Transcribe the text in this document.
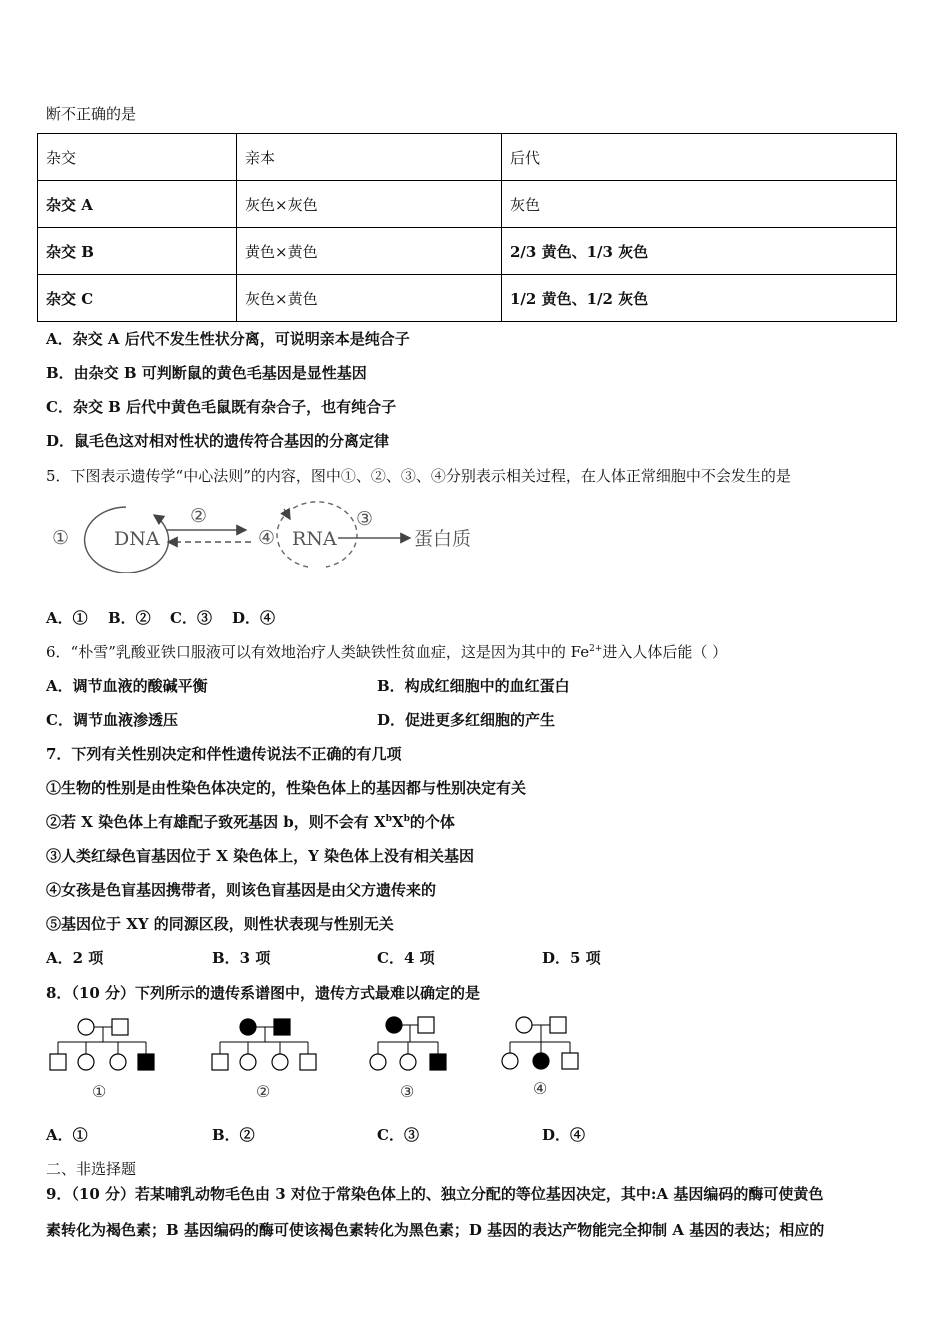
断不正确的是
杂交	亲本	后代
杂交 A	灰色×灰色	灰色
杂交 B	黄色×黄色	2/3 黄色、1/3 灰色
杂交 C	灰色×黄色	1/2 黄色、1/2 灰色
A．杂交 A 后代不发生性状分离，可说明亲本是纯合子
B．由杂交 B 可判断鼠的黄色毛基因是显性基因
C．杂交 B 后代中黄色毛鼠既有杂合子，也有纯合子
D．鼠毛色这对相对性状的遗传符合基因的分离定律
5．下图表示遗传学“中心法则”的内容，图中①、②、③、④分别表示相关过程，在人体正常细胞中不会发生的是
① DNA
②
④ RNA
③
蛋白质
A．① B．② C．③ D．④
6．“朴雪”乳酸亚铁口服液可以有效地治疗人类缺铁性贫血症，这是因为其中的 $Fe^{2+}$进入人体后能（ ）
A．调节血液的酸碱平衡	B．构成红细胞中的血红蛋白
C．调节血液渗透压	D．促进更多红细胞的产生
7．下列有关性别决定和伴性遗传说法不正确的有几项
①生物的性别是由性染色体决定的，性染色体上的基因都与性别决定有关
②若 X 染色体上有雄配子致死基因 b，则不会有 $X^bX^b$的个体
③人类红绿色盲基因位于 X 染色体上，Y 染色体上没有相关基因
④女孩是色盲基因携带者，则该色盲基因是由父方遗传来的
⑤基因位于 XY 的同源区段，则性状表现与性别无关
A．2 项	B．3 项	C．4 项	D．5 项
8．（10 分）下列所示的遗传系谱图中，遗传方式最难以确定的是
①	②	③	④
A．①	B．②	C．③	D．④
二、非选择题
9．（10 分）若某哺乳动物毛色由 3 对位于常染色体上的、独立分配的等位基因决定，其中:A 基因编码的酶可使黄色
素转化为褐色素；B 基因编码的酶可使该褐色素转化为黑色素；D 基因的表达产物能完全抑制 A 基因的表达；相应的
